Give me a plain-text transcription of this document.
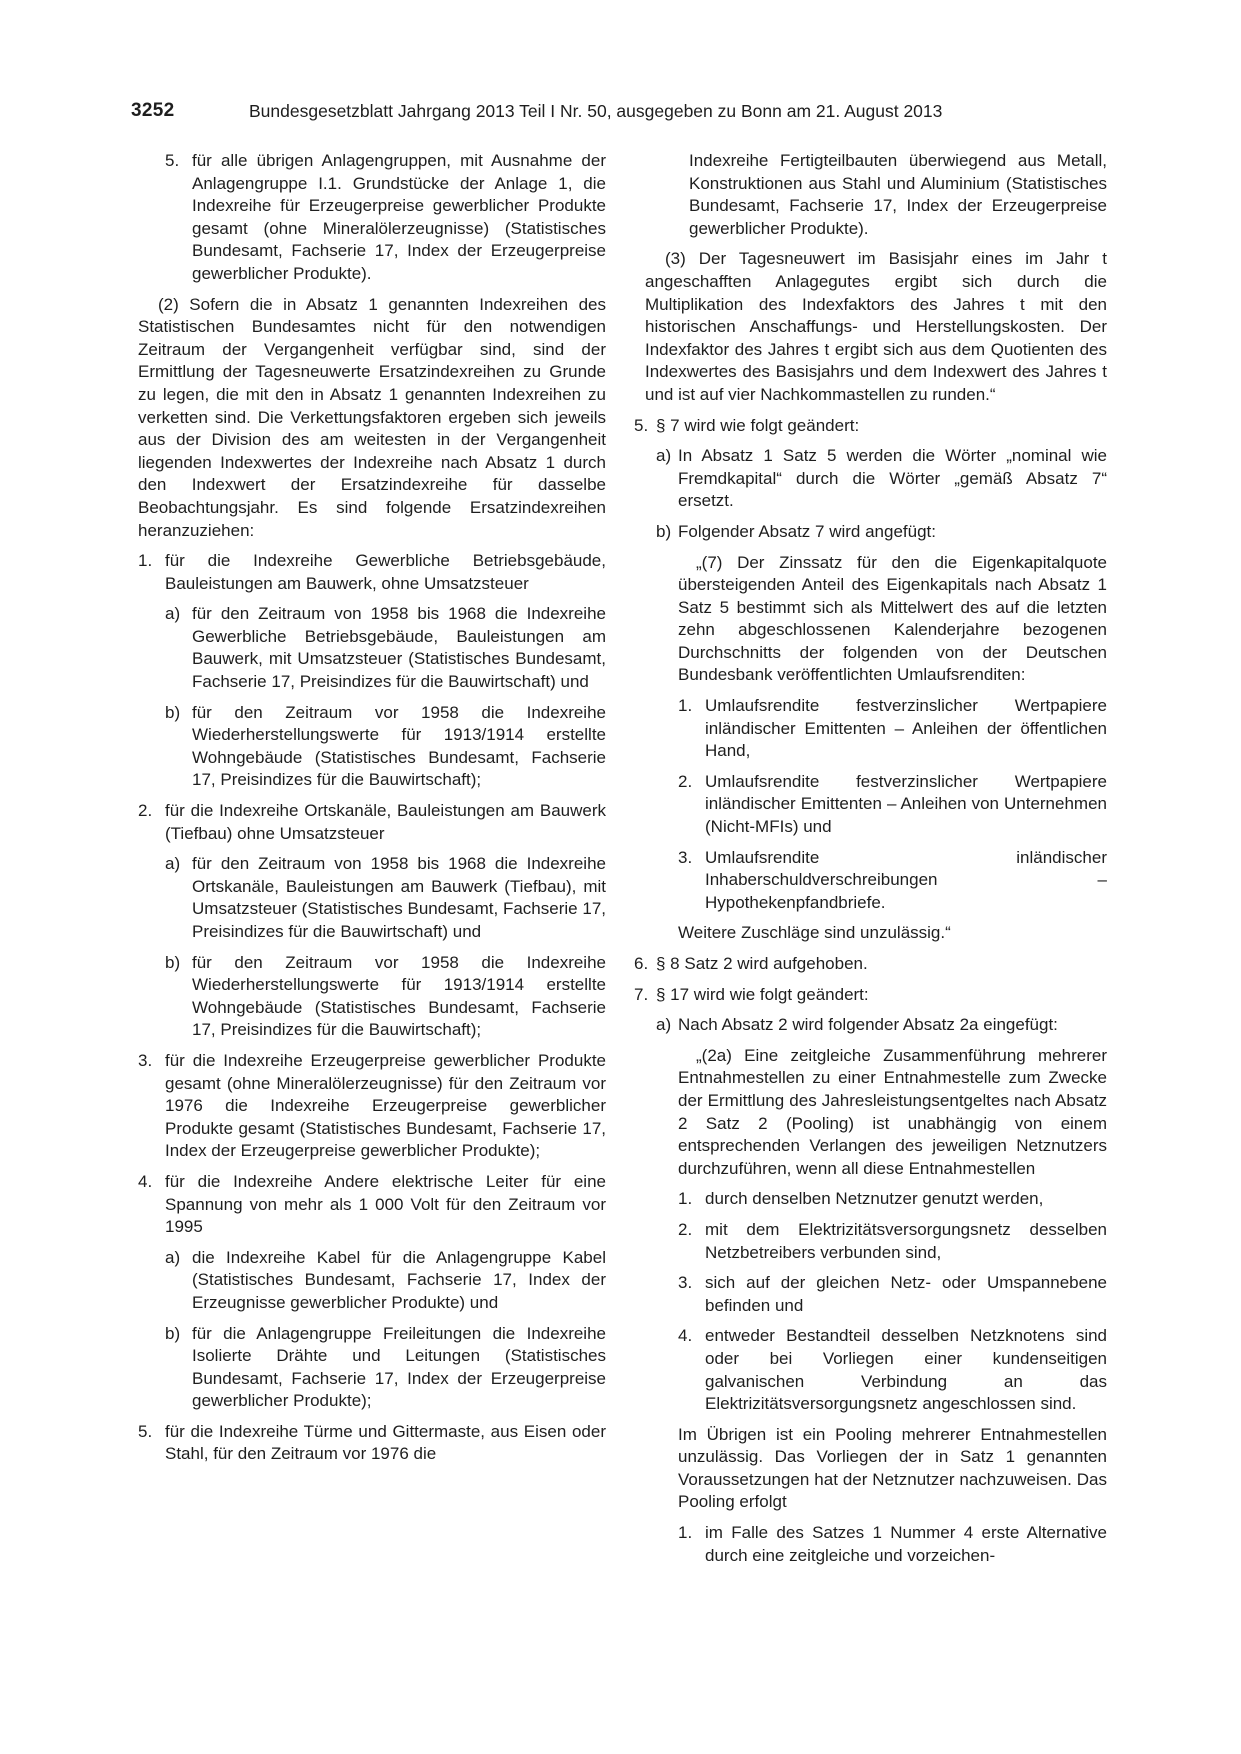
3252	Bundesgesetzblatt Jahrgang 2013 Teil I Nr. 50, ausgegeben zu Bonn am 21. August 2013
5. für alle übrigen Anlagengruppen, mit Ausnahme der Anlagengruppe I.1. Grundstücke der Anlage 1, die Indexreihe für Erzeugerpreise gewerblicher Produkte gesamt (ohne Mineralölerzeugnisse) (Statistisches Bundesamt, Fachserie 17, Index der Erzeugerpreise gewerblicher Produkte).
(2) Sofern die in Absatz 1 genannten Indexreihen des Statistischen Bundesamtes nicht für den notwendigen Zeitraum der Vergangenheit verfügbar sind, sind der Ermittlung der Tagesneuwerte Ersatzindexreihen zu Grunde zu legen, die mit den in Absatz 1 genannten Indexreihen zu verketten sind. Die Verkettungsfaktoren ergeben sich jeweils aus der Division des am weitesten in der Vergangenheit liegenden Indexwertes der Indexreihe nach Absatz 1 durch den Indexwert der Ersatzindexreihe für dasselbe Beobachtungsjahr. Es sind folgende Ersatzindexreihen heranzuziehen:
1. für die Indexreihe Gewerbliche Betriebsgebäude, Bauleistungen am Bauwerk, ohne Umsatzsteuer
a) für den Zeitraum von 1958 bis 1968 die Indexreihe Gewerbliche Betriebsgebäude, Bauleistungen am Bauwerk, mit Umsatzsteuer (Statistisches Bundesamt, Fachserie 17, Preisindizes für die Bauwirtschaft) und
b) für den Zeitraum vor 1958 die Indexreihe Wiederherstellungswerte für 1913/1914 erstellte Wohngebäude (Statistisches Bundesamt, Fachserie 17, Preisindizes für die Bauwirtschaft);
2. für die Indexreihe Ortskanäle, Bauleistungen am Bauwerk (Tiefbau) ohne Umsatzsteuer
a) für den Zeitraum von 1958 bis 1968 die Indexreihe Ortskanäle, Bauleistungen am Bauwerk (Tiefbau), mit Umsatzsteuer (Statistisches Bundesamt, Fachserie 17, Preisindizes für die Bauwirtschaft) und
b) für den Zeitraum vor 1958 die Indexreihe Wiederherstellungswerte für 1913/1914 erstellte Wohngebäude (Statistisches Bundesamt, Fachserie 17, Preisindizes für die Bauwirtschaft);
3. für die Indexreihe Erzeugerpreise gewerblicher Produkte gesamt (ohne Mineralölerzeugnisse) für den Zeitraum vor 1976 die Indexreihe Erzeugerpreise gewerblicher Produkte gesamt (Statistisches Bundesamt, Fachserie 17, Index der Erzeugerpreise gewerblicher Produkte);
4. für die Indexreihe Andere elektrische Leiter für eine Spannung von mehr als 1 000 Volt für den Zeitraum vor 1995
a) die Indexreihe Kabel für die Anlagengruppe Kabel (Statistisches Bundesamt, Fachserie 17, Index der Erzeugnisse gewerblicher Produkte) und
b) für die Anlagengruppe Freileitungen die Indexreihe Isolierte Drähte und Leitungen (Statistisches Bundesamt, Fachserie 17, Index der Erzeugerpreise gewerblicher Produkte);
5. für die Indexreihe Türme und Gittermaste, aus Eisen oder Stahl, für den Zeitraum vor 1976 die
Indexreihe Fertigteilbauten überwiegend aus Metall, Konstruktionen aus Stahl und Aluminium (Statistisches Bundesamt, Fachserie 17, Index der Erzeugerpreise gewerblicher Produkte).
(3) Der Tagesneuwert im Basisjahr eines im Jahr t angeschafften Anlagegutes ergibt sich durch die Multiplikation des Indexfaktors des Jahres t mit den historischen Anschaffungs- und Herstellungskosten. Der Indexfaktor des Jahres t ergibt sich aus dem Quotienten des Indexwertes des Basisjahrs und dem Indexwert des Jahres t und ist auf vier Nachkommastellen zu runden.“
5. § 7 wird wie folgt geändert:
a) In Absatz 1 Satz 5 werden die Wörter „nominal wie Fremdkapital“ durch die Wörter „gemäß Absatz 7“ ersetzt.
b) Folgender Absatz 7 wird angefügt:
„(7) Der Zinssatz für den die Eigenkapitalquote übersteigenden Anteil des Eigenkapitals nach Absatz 1 Satz 5 bestimmt sich als Mittelwert des auf die letzten zehn abgeschlossenen Kalenderjahre bezogenen Durchschnitts der folgenden von der Deutschen Bundesbank veröffentlichten Umlaufsrenditen:
1. Umlaufsrendite festverzinslicher Wertpapiere inländischer Emittenten – Anleihen der öffentlichen Hand,
2. Umlaufsrendite festverzinslicher Wertpapiere inländischer Emittenten – Anleihen von Unternehmen (Nicht-MFIs) und
3. Umlaufsrendite inländischer Inhaberschuldverschreibungen – Hypothekenpfandbriefe.
Weitere Zuschläge sind unzulässig.“
6. § 8 Satz 2 wird aufgehoben.
7. § 17 wird wie folgt geändert:
a) Nach Absatz 2 wird folgender Absatz 2a eingefügt:
„(2a) Eine zeitgleiche Zusammenführung mehrerer Entnahmestellen zu einer Entnahmestelle zum Zwecke der Ermittlung des Jahresleistungsentgeltes nach Absatz 2 Satz 2 (Pooling) ist unabhängig von einem entsprechenden Verlangen des jeweiligen Netznutzers durchzuführen, wenn all diese Entnahmestellen
1. durch denselben Netznutzer genutzt werden,
2. mit dem Elektrizitätsversorgungsnetz desselben Netzbetreibers verbunden sind,
3. sich auf der gleichen Netz- oder Umspannebene befinden und
4. entweder Bestandteil desselben Netzknotens sind oder bei Vorliegen einer kundenseitigen galvanischen Verbindung an das Elektrizitätsversorgungsnetz angeschlossen sind.
Im Übrigen ist ein Pooling mehrerer Entnahmestellen unzulässig. Das Vorliegen der in Satz 1 genannten Voraussetzungen hat der Netznutzer nachzuweisen. Das Pooling erfolgt
1. im Falle des Satzes 1 Nummer 4 erste Alternative durch eine zeitgleiche und vorzeichen-
